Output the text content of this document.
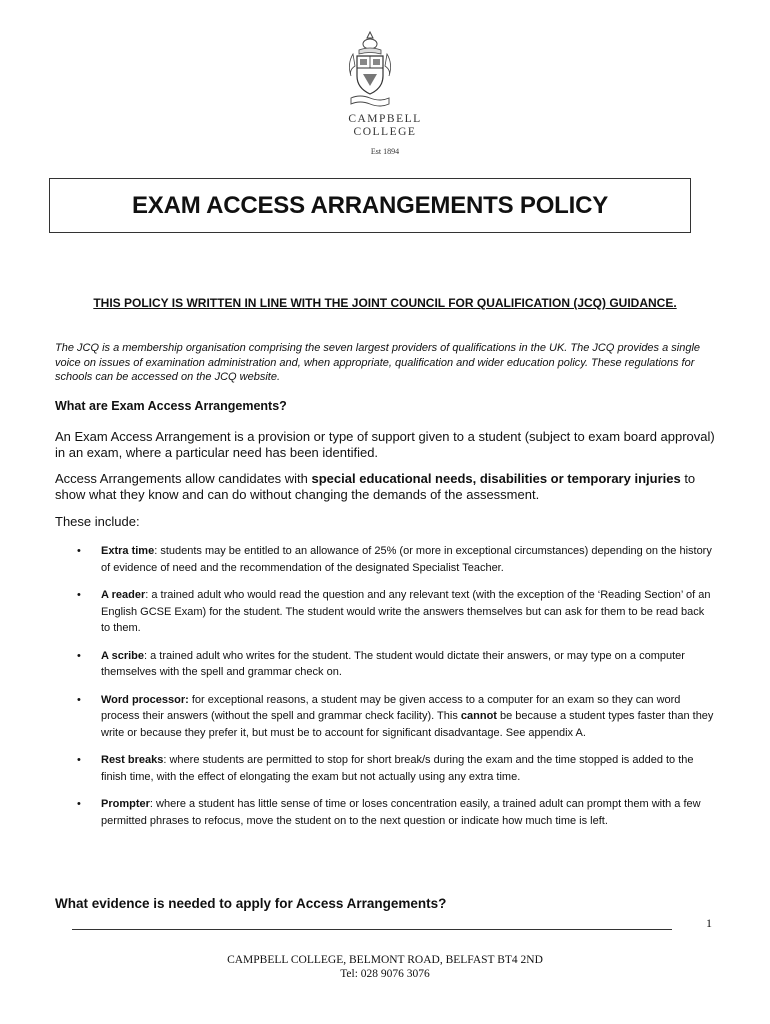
CAMPBELL
COLLEGE
Est 1894
EXAM ACCESS ARRANGEMENTS POLICY
THIS POLICY IS WRITTEN IN LINE WITH THE JOINT COUNCIL FOR QUALIFICATION (JCQ) GUIDANCE.
The JCQ is a membership organisation comprising the seven largest providers of qualifications in the UK. The JCQ provides a single voice on issues of examination administration and, when appropriate, qualification and wider education policy. These regulations for schools can be accessed on the JCQ website.
What are Exam Access Arrangements?
An Exam Access Arrangement is a provision or type of support given to a student (subject to exam board approval) in an exam, where a particular need has been identified.
Access Arrangements allow candidates with special educational needs, disabilities or temporary injuries to show what they know and can do without changing the demands of the assessment.
These include:
• Extra time: students may be entitled to an allowance of 25% (or more in exceptional circumstances) depending on the history of evidence of need and the recommendation of the designated Specialist Teacher.
• A reader: a trained adult who would read the question and any relevant text (with the exception of the ‘Reading Section’ of an English GCSE Exam) for the student. The student would write the answers themselves but can ask for them to be read back to them.
• A scribe: a trained adult who writes for the student. The student would dictate their answers, or may type on a computer themselves with the spell and grammar check on.
• Word processor: for exceptional reasons, a student may be given access to a computer for an exam so they can word process their answers (without the spell and grammar check facility). This cannot be because a student types faster than they write or because they prefer it, but must be to account for significant disadvantage. See appendix A.
• Rest breaks: where students are permitted to stop for short break/s during the exam and the time stopped is added to the finish time, with the effect of elongating the exam but not actually using any extra time.
• Prompter: where a student has little sense of time or loses concentration easily, a trained adult can prompt them with a few permitted phrases to refocus, move the student on to the next question or indicate how much time is left.
What evidence is needed to apply for Access Arrangements?
1
CAMPBELL COLLEGE, BELMONT ROAD, BELFAST BT4 2ND
Tel: 028 9076 3076
